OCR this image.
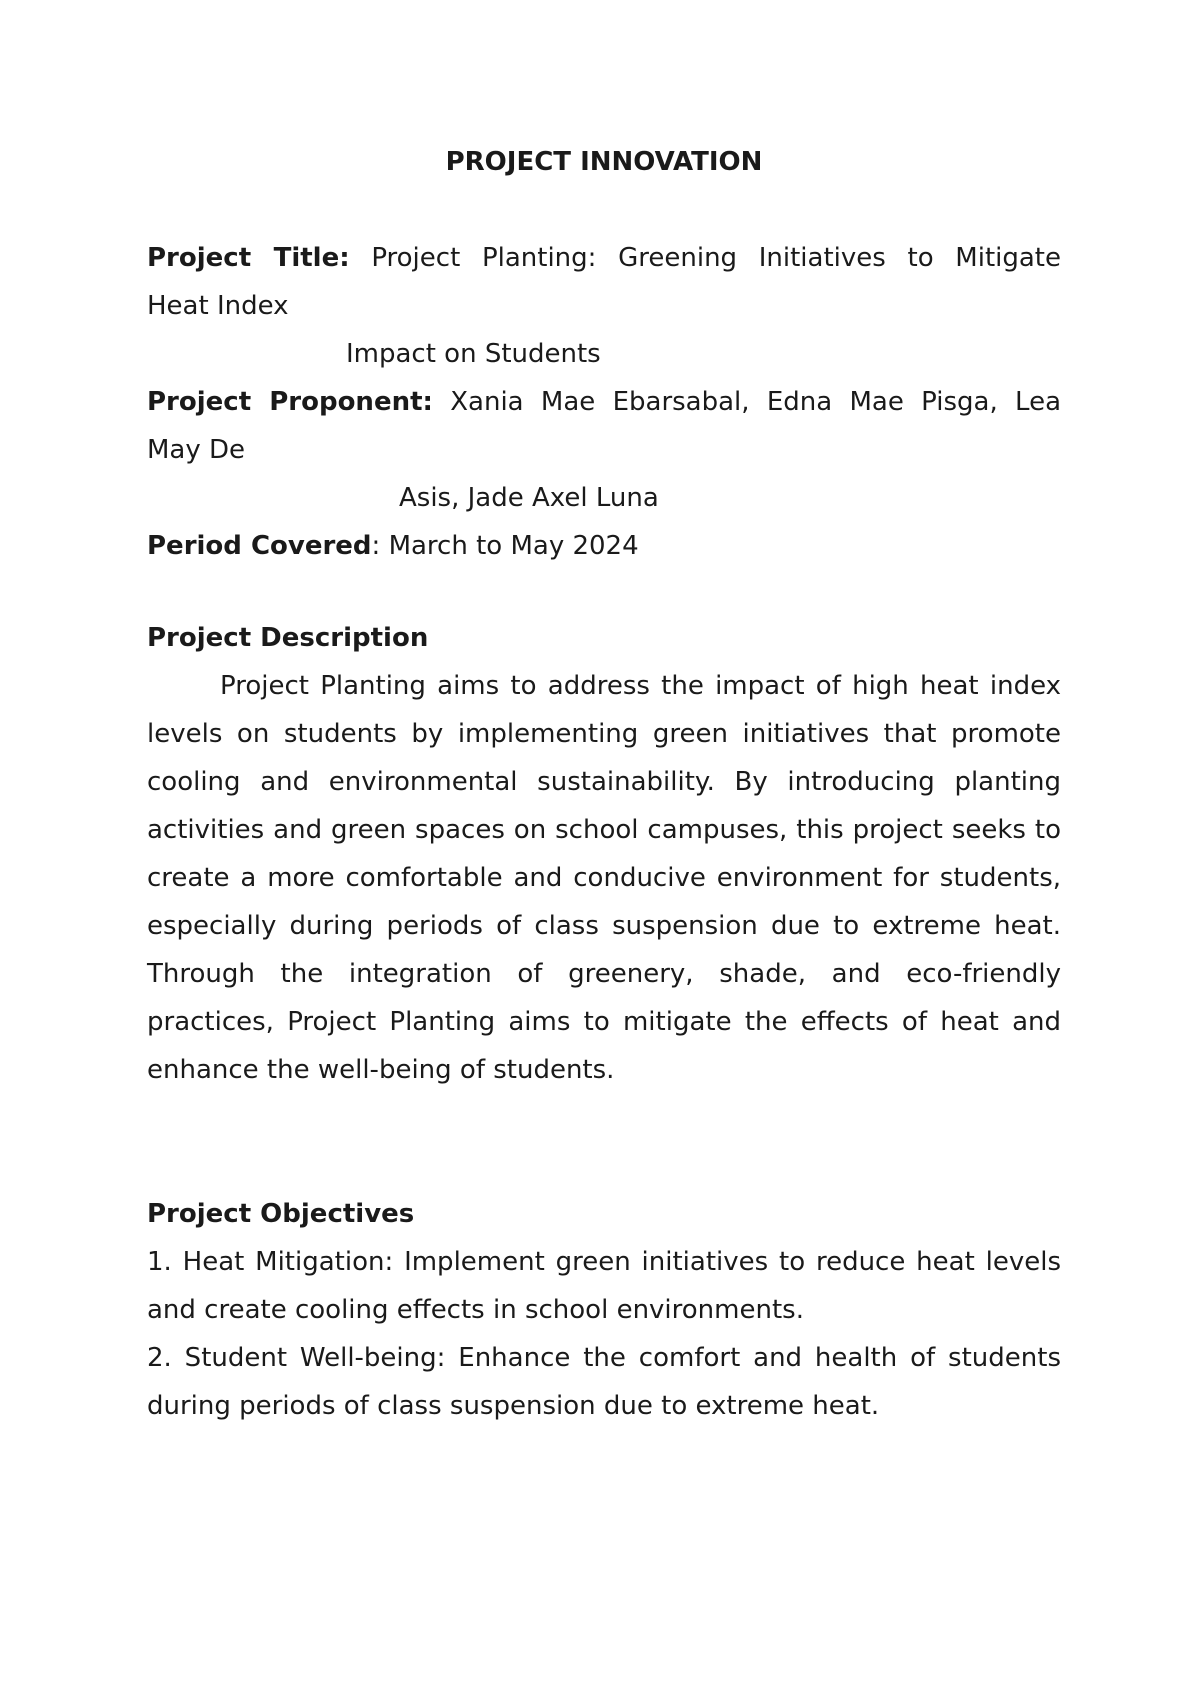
PROJECT INNOVATION

Project Title: Project Planting: Greening Initiatives to Mitigate

Heat Index

Impact on Students

Project Proponent: Xania Mae Ebarsabal, Edna Mae Pisga, Lea

May De

Asis, Jade Axel Luna

Period Covered: March to May 2024

Project Description

Project Planting aims to address the impact of high heat index levels on students by implementing green initiatives that promote cooling and environmental sustainability. By introducing planting activities and green spaces on school campuses, this project seeks to create a more comfortable and conducive environment for students, especially during periods of class suspension due to extreme heat. Through the integration of greenery, shade, and eco-friendly practices, Project Planting aims to mitigate the effects of heat and enhance the well-being of students.

Project Objectives

1. Heat Mitigation: Implement green initiatives to reduce heat levels and create cooling effects in school environments.

2. Student Well-being: Enhance the comfort and health of students during periods of class suspension due to extreme heat.
